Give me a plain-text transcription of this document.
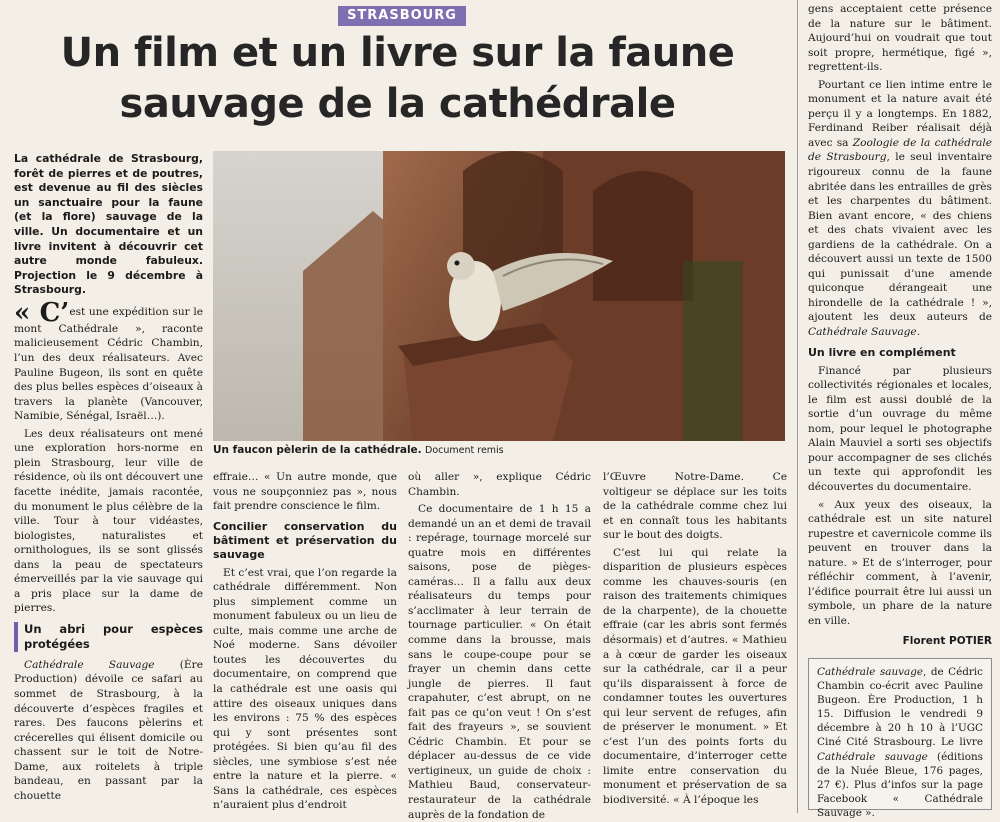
STRASBOURG

Un film et un livre sur la faune
sauvage de la cathédrale
La cathédrale de Strasbourg, forêt de pierres et de poutres, est devenue au fil des siècles un sanctuaire pour la faune (et la flore) sauvage de la ville. Un documentaire et un livre invitent à découvrir cet autre monde fabuleux. Projection le 9 décembre à Strasbourg.

« C’est une expédition sur le mont Cathédrale », raconte malicieusement Cédric Chambin, l’un des deux réalisateurs. Avec Pauline Bugeon, ils sont en quête des plus belles espèces d’oiseaux à travers la planète (Vancouver, Namibie, Sénégal, Israël…).

Les deux réalisateurs ont mené une exploration hors-norme en plein Strasbourg, leur ville de résidence, où ils ont découvert une facette inédite, jamais racontée, du monument le plus célèbre de la ville. Tour à tour vidéastes, biologistes, naturalistes et ornithologues, ils se sont glissés dans la peau de spectateurs émerveillés par la vie sauvage qui a pris place sur la dame de pierres.

Un abri pour espèces protégées

Cathédrale Sauvage (Ère Production) dévoile ce safari au sommet de Strasbourg, à la découverte d’espèces fragiles et rares. Des faucons pèlerins et crécerelles qui élisent domicile ou chassent sur le toit de Notre-Dame, aux roitelets à triple bandeau, en passant par la chouette

Un faucon pèlerin de la cathédrale. Document remis

effraie… « Un autre monde, que vous ne soupçonniez pas », nous fait prendre conscience le film.

Concilier conservation du bâtiment et préservation du sauvage

Et c’est vrai, que l’on regarde la cathédrale différemment. Non plus simplement comme un monument fabuleux ou un lieu de culte, mais comme une arche de Noé moderne. Sans dévoiler toutes les découvertes du documentaire, on comprend que la cathédrale est une oasis qui attire des oiseaux uniques dans les environs : 75 % des espèces qui y sont présentes sont protégées. Si bien qu’au fil des siècles, une symbiose s’est née entre la nature et la pierre. « Sans la cathédrale, ces espèces n’auraient plus d’endroit

où aller », explique Cédric Chambin.

Ce documentaire de 1 h 15 a demandé un an et demi de travail : repérage, tournage morcelé sur quatre mois en différentes saisons, pose de pièges-caméras… Il a fallu aux deux réalisateurs du temps pour s’acclimater à leur terrain de tournage particulier. « On était comme dans la brousse, mais sans le coupe-coupe pour se frayer un chemin dans cette jungle de pierres. Il faut crapahuter, c’est abrupt, on ne fait pas ce qu’on veut ! On s’est fait des frayeurs », se souvient Cédric Chambin. Et pour se déplacer au-dessus de ce vide vertigineux, un guide de choix : Mathieu Baud, conservateur-restaurateur de la cathédrale auprès de la fondation de

l’Œuvre Notre-Dame. Ce voltigeur se déplace sur les toits de la cathédrale comme chez lui et en connaît tous les habitants sur le bout des doigts.

C’est lui qui relate la disparition de plusieurs espèces comme les chauves-souris (en raison des traitements chimiques de la charpente), de la chouette effraie (car les abris sont fermés désormais) et d’autres. « Mathieu a à cœur de garder les oiseaux sur la cathédrale, car il a peur qu’ils disparaissent à force de condamner toutes les ouvertures qui leur servent de refuges, afin de préserver le monument. » Et c’est l’un des points forts du documentaire, d’interroger cette limite entre conservation du monument et préservation de sa biodiversité. « À l’époque les

gens acceptaient cette présence de la nature sur le bâtiment. Aujourd’hui on voudrait que tout soit propre, hermétique, figé », regrettent-ils.

Pourtant ce lien intime entre le monument et la nature avait été perçu il y a longtemps. En 1882, Ferdinand Reiber réalisait déjà avec sa Zoologie de la cathédrale de Strasbourg, le seul inventaire rigoureux connu de la faune abritée dans les entrailles de grès et les charpentes du bâtiment. Bien avant encore, « des chiens et des chats vivaient avec les gardiens de la cathédrale. On a découvert aussi un texte de 1500 qui punissait d’une amende quiconque dérangeait une hirondelle de la cathédrale ! », ajoutent les deux auteurs de Cathédrale Sauvage.

Un livre en complément

Financé par plusieurs collectivités régionales et locales, le film est aussi doublé de la sortie d’un ouvrage du même nom, pour lequel le photographe Alain Mauviel a sorti ses objectifs pour accompagner de ses clichés un texte qui approfondit les découvertes du documentaire.

« Aux yeux des oiseaux, la cathédrale est un site naturel rupestre et cavernicole comme ils peuvent en trouver dans la nature. » Et de s’interroger, pour réfléchir comment, à l’avenir, l’édifice pourrait être lui aussi un symbole, un phare de la nature en ville.

Florent POTIER
Cathédrale sauvage, de Cédric Chambin co-écrit avec Pauline Bugeon. Ère Production, 1 h 15. Diffusion le vendredi 9 décembre à 20 h 10 à l’UGC Ciné Cité Strasbourg. Le livre Cathédrale sauvage (éditions de la Nuée Bleue, 176 pages, 27 €). Plus d’infos sur la page Facebook « Cathédrale Sauvage ».
